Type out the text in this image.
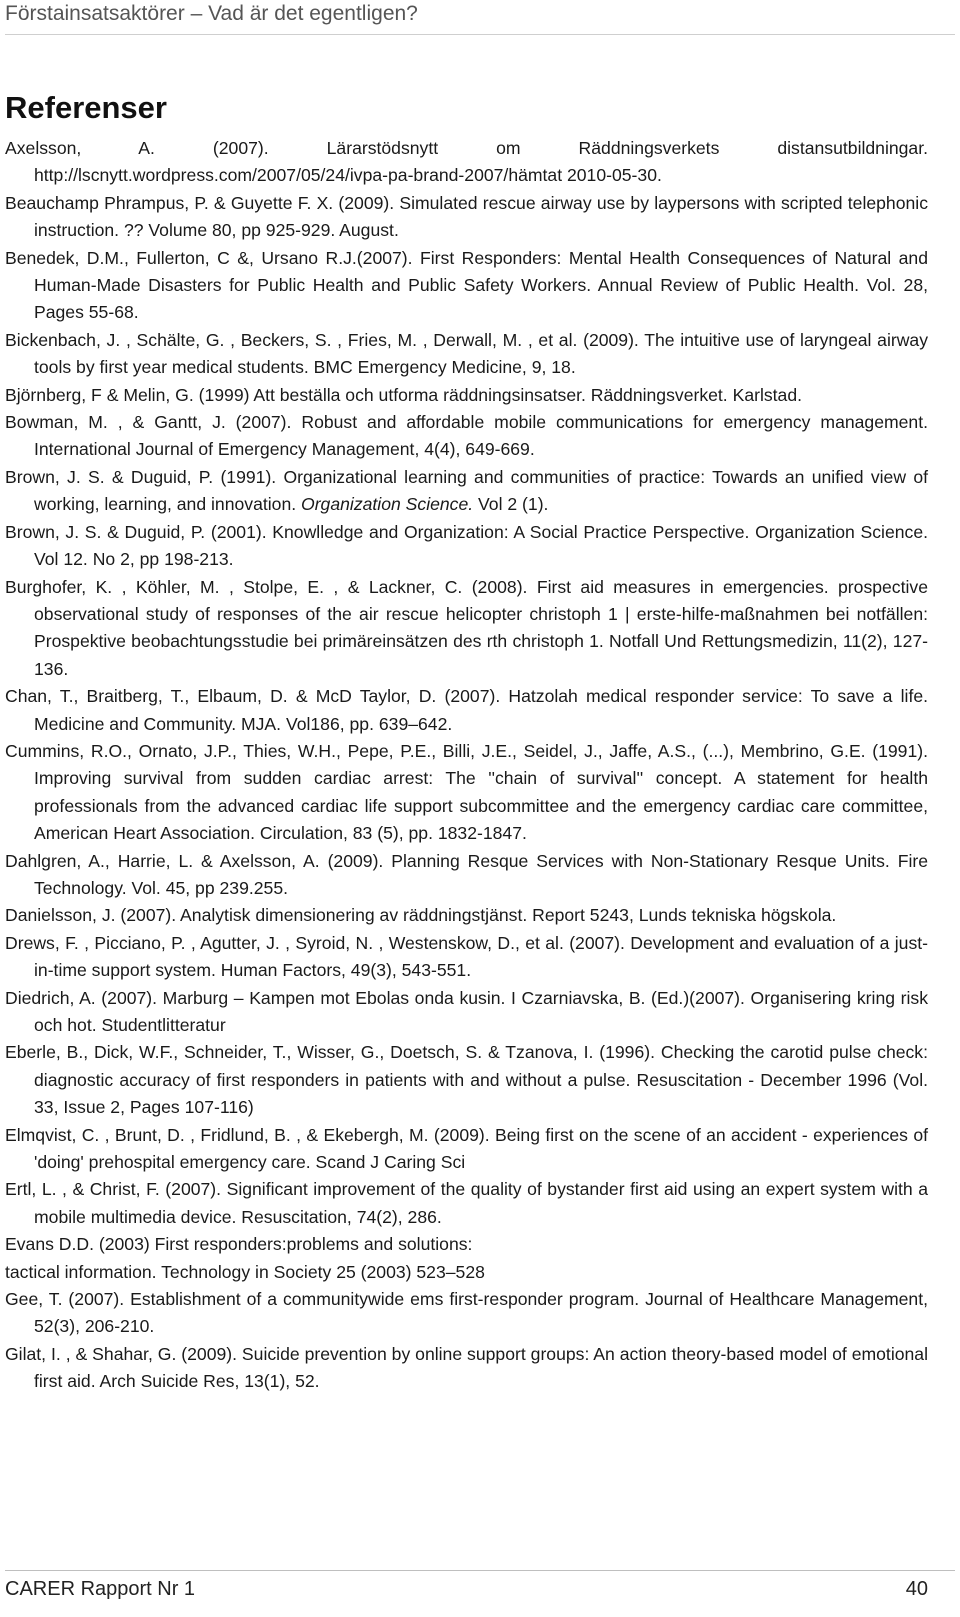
Förstainsatsaktörer – Vad är det egentligen?
Referenser
Axelsson, A. (2007). Lärarstödsnytt om Räddningsverkets distansutbildningar. http://lscnytt.wordpress.com/2007/05/24/ivpa-pa-brand-2007/hämtat 2010-05-30.
Beauchamp Phrampus, P. & Guyette F. X. (2009). Simulated rescue airway use by laypersons with scripted telephonic instruction. ?? Volume 80, pp 925-929. August.
Benedek, D.M., Fullerton, C &, Ursano R.J.(2007). First Responders: Mental Health Consequences of Natural and Human-Made Disasters for Public Health and Public Safety Workers. Annual Review of Public Health. Vol. 28, Pages 55-68.
Bickenbach, J. , Schälte, G. , Beckers, S. , Fries, M. , Derwall, M. , et al. (2009). The intuitive use of laryngeal airway tools by first year medical students. BMC Emergency Medicine, 9, 18.
Björnberg, F & Melin, G. (1999) Att beställa och utforma räddningsinsatser. Räddningsverket. Karlstad.
Bowman, M. , & Gantt, J. (2007). Robust and affordable mobile communications for emergency management. International Journal of Emergency Management, 4(4), 649-669.
Brown, J. S. & Duguid, P. (1991). Organizational learning and communities of practice: Towards an unified view of working, learning, and innovation. Organization Science. Vol 2 (1).
Brown, J. S. & Duguid, P. (2001). Knowlledge and Organization: A Social Practice Perspective. Organization Science. Vol 12. No 2, pp 198-213.
Burghofer, K. , Köhler, M. , Stolpe, E. , & Lackner, C. (2008). First aid measures in emergencies. prospective observational study of responses of the air rescue helicopter christoph 1 | erste-hilfe-maßnahmen bei notfällen: Prospektive beobachtungsstudie bei primäreinsätzen des rth christoph 1. Notfall Und Rettungsmedizin, 11(2), 127-136.
Chan, T., Braitberg, T., Elbaum, D. & McD Taylor, D. (2007). Hatzolah medical responder service: To save a life. Medicine and Community. MJA. Vol186, pp. 639–642.
Cummins, R.O., Ornato, J.P., Thies, W.H., Pepe, P.E., Billi, J.E., Seidel, J., Jaffe, A.S., (...), Membrino, G.E. (1991). Improving survival from sudden cardiac arrest: The ''chain of survival'' concept. A statement for health professionals from the advanced cardiac life support subcommittee and the emergency cardiac care committee, American Heart Association. Circulation, 83 (5), pp. 1832-1847.
Dahlgren, A., Harrie, L. & Axelsson, A. (2009). Planning Resque Services with Non-Stationary Resque Units. Fire Technology. Vol. 45, pp 239.255.
Danielsson, J. (2007). Analytisk dimensionering av räddningstjänst. Report 5243, Lunds tekniska högskola.
Drews, F. , Picciano, P. , Agutter, J. , Syroid, N. , Westenskow, D., et al. (2007). Development and evaluation of a just-in-time support system. Human Factors, 49(3), 543-551.
Diedrich, A. (2007). Marburg – Kampen mot Ebolas onda kusin. I Czarniavska, B. (Ed.)(2007). Organisering kring risk och hot. Studentlitteratur
Eberle, B., Dick, W.F., Schneider, T., Wisser, G., Doetsch, S. & Tzanova, I. (1996). Checking the carotid pulse check: diagnostic accuracy of first responders in patients with and without a pulse. Resuscitation - December 1996 (Vol. 33, Issue 2, Pages 107-116)
Elmqvist, C. , Brunt, D. , Fridlund, B. , & Ekebergh, M. (2009). Being first on the scene of an accident - experiences of 'doing' prehospital emergency care. Scand J Caring Sci
Ertl, L. , & Christ, F. (2007). Significant improvement of the quality of bystander first aid using an expert system with a mobile multimedia device. Resuscitation, 74(2), 286.
Evans D.D. (2003) First responders:problems and solutions:
tactical information. Technology in Society 25 (2003) 523–528
Gee, T. (2007). Establishment of a communitywide ems first-responder program. Journal of Healthcare Management, 52(3), 206-210.
Gilat, I. , & Shahar, G. (2009). Suicide prevention by online support groups: An action theory-based model of emotional first aid. Arch Suicide Res, 13(1), 52.
CARER Rapport Nr 1	40
